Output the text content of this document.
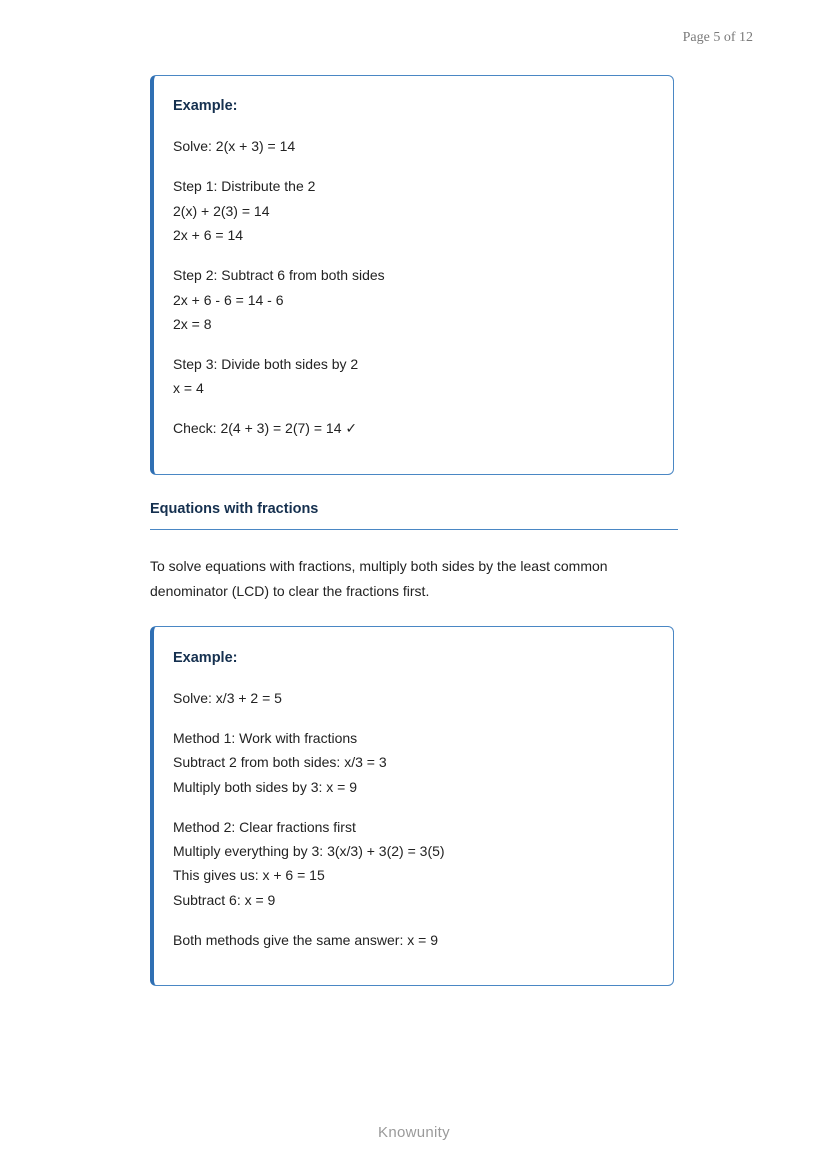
Page 5 of 12
Example:
Solve: 2(x + 3) = 14
Step 1: Distribute the 2
2(x) + 2(3) = 14
2x + 6 = 14
Step 2: Subtract 6 from both sides
2x + 6 - 6 = 14 - 6
2x = 8
Step 3: Divide both sides by 2
x = 4
Check: 2(4 + 3) = 2(7) = 14 ✓
Equations with fractions
To solve equations with fractions, multiply both sides by the least common
denominator (LCD) to clear the fractions first.
Example:
Solve: x/3 + 2 = 5
Method 1: Work with fractions
Subtract 2 from both sides: x/3 = 3
Multiply both sides by 3: x = 9
Method 2: Clear fractions first
Multiply everything by 3: 3(x/3) + 3(2) = 3(5)
This gives us: x + 6 = 15
Subtract 6: x = 9
Both methods give the same answer: x = 9
Knowunity
